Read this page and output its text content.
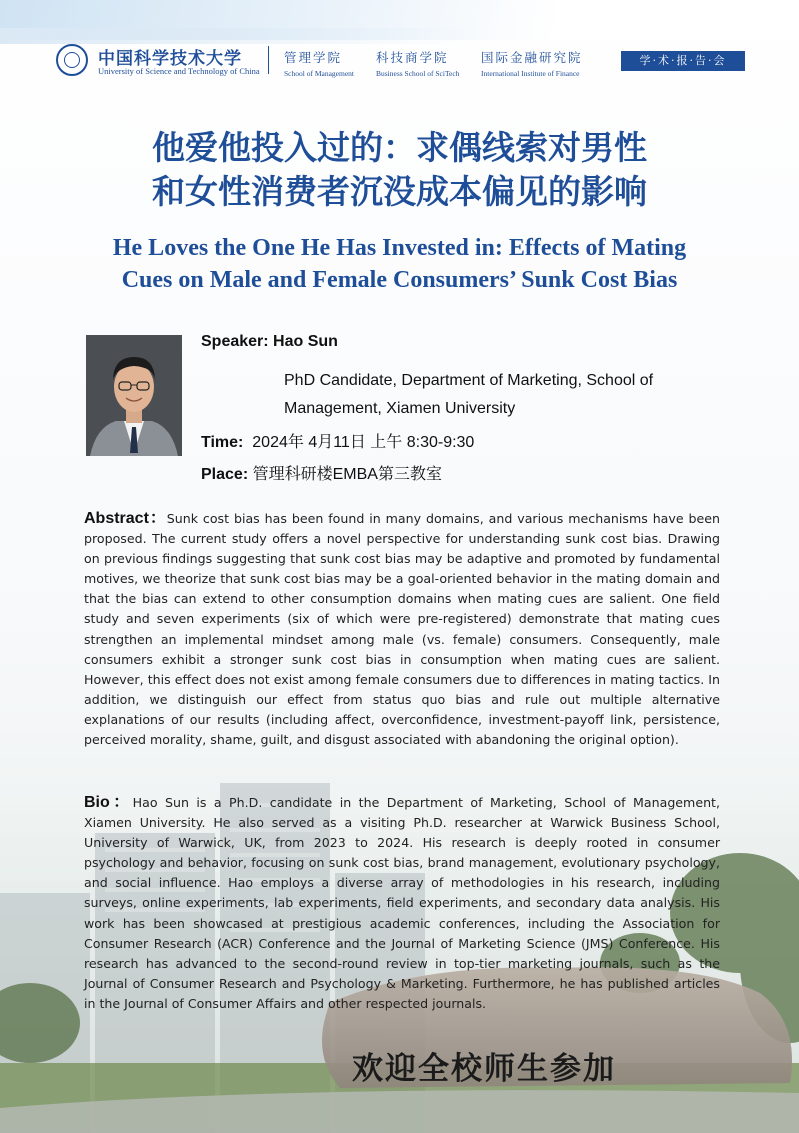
中国科学技术大学
University of Science and Technology of China
管理学院
School of Management
科技商学院
Business School of SciTech
国际金融研究院
International Institute of Finance
学·术·报·告·会
他爱他投入过的：求偶线索对男性
和女性消费者沉没成本偏见的影响
He Loves the One He Has Invested in: Effects of Mating
Cues on Male and Female Consumers’ Sunk Cost Bias
Speaker: Hao Sun
PhD Candidate, Department of Marketing, School of
Management, Xiamen University
Time: 2024年 4月11日 上午 8:30-9:30
Place: 管理科研楼EMBA第三教室
Abstract：Sunk cost bias has been found in many domains, and various mechanisms have been proposed. The current study offers a novel perspective for understanding sunk cost bias. Drawing on previous findings suggesting that sunk cost bias may be adaptive and promoted by fundamental motives, we theorize that sunk cost bias may be a goal-oriented behavior in the mating domain and that the bias can extend to other consumption domains when mating cues are salient. One field study and seven experiments (six of which were pre-registered) demonstrate that mating cues strengthen an implemental mindset among male (vs. female) consumers. Consequently, male consumers exhibit a stronger sunk cost bias in consumption when mating cues are salient. However, this effect does not exist among female consumers due to differences in mating tactics. In addition, we distinguish our effect from status quo bias and rule out multiple alternative explanations of our results (including affect, overconfidence, investment-payoff link, persistence, perceived morality, shame, guilt, and disgust associated with abandoning the original option).
Bio：Hao Sun is a Ph.D. candidate in the Department of Marketing, School of Management, Xiamen University. He also served as a visiting Ph.D. researcher at Warwick Business School, University of Warwick, UK, from 2023 to 2024. His research is deeply rooted in consumer psychology and behavior, focusing on sunk cost bias, brand management, evolutionary psychology, and social influence. Hao employs a diverse array of methodologies in his research, including surveys, online experiments, lab experiments, field experiments, and secondary data analysis. His work has been showcased at prestigious academic conferences, including the Association for Consumer Research (ACR) Conference and the Journal of Marketing Science (JMS) Conference. His research has advanced to the second-round review in top-tier marketing journals, such as the Journal of Consumer Research and Psychology & Marketing. Furthermore, he has published articles in the Journal of Consumer Affairs and other respected journals.
欢迎全校师生参加
